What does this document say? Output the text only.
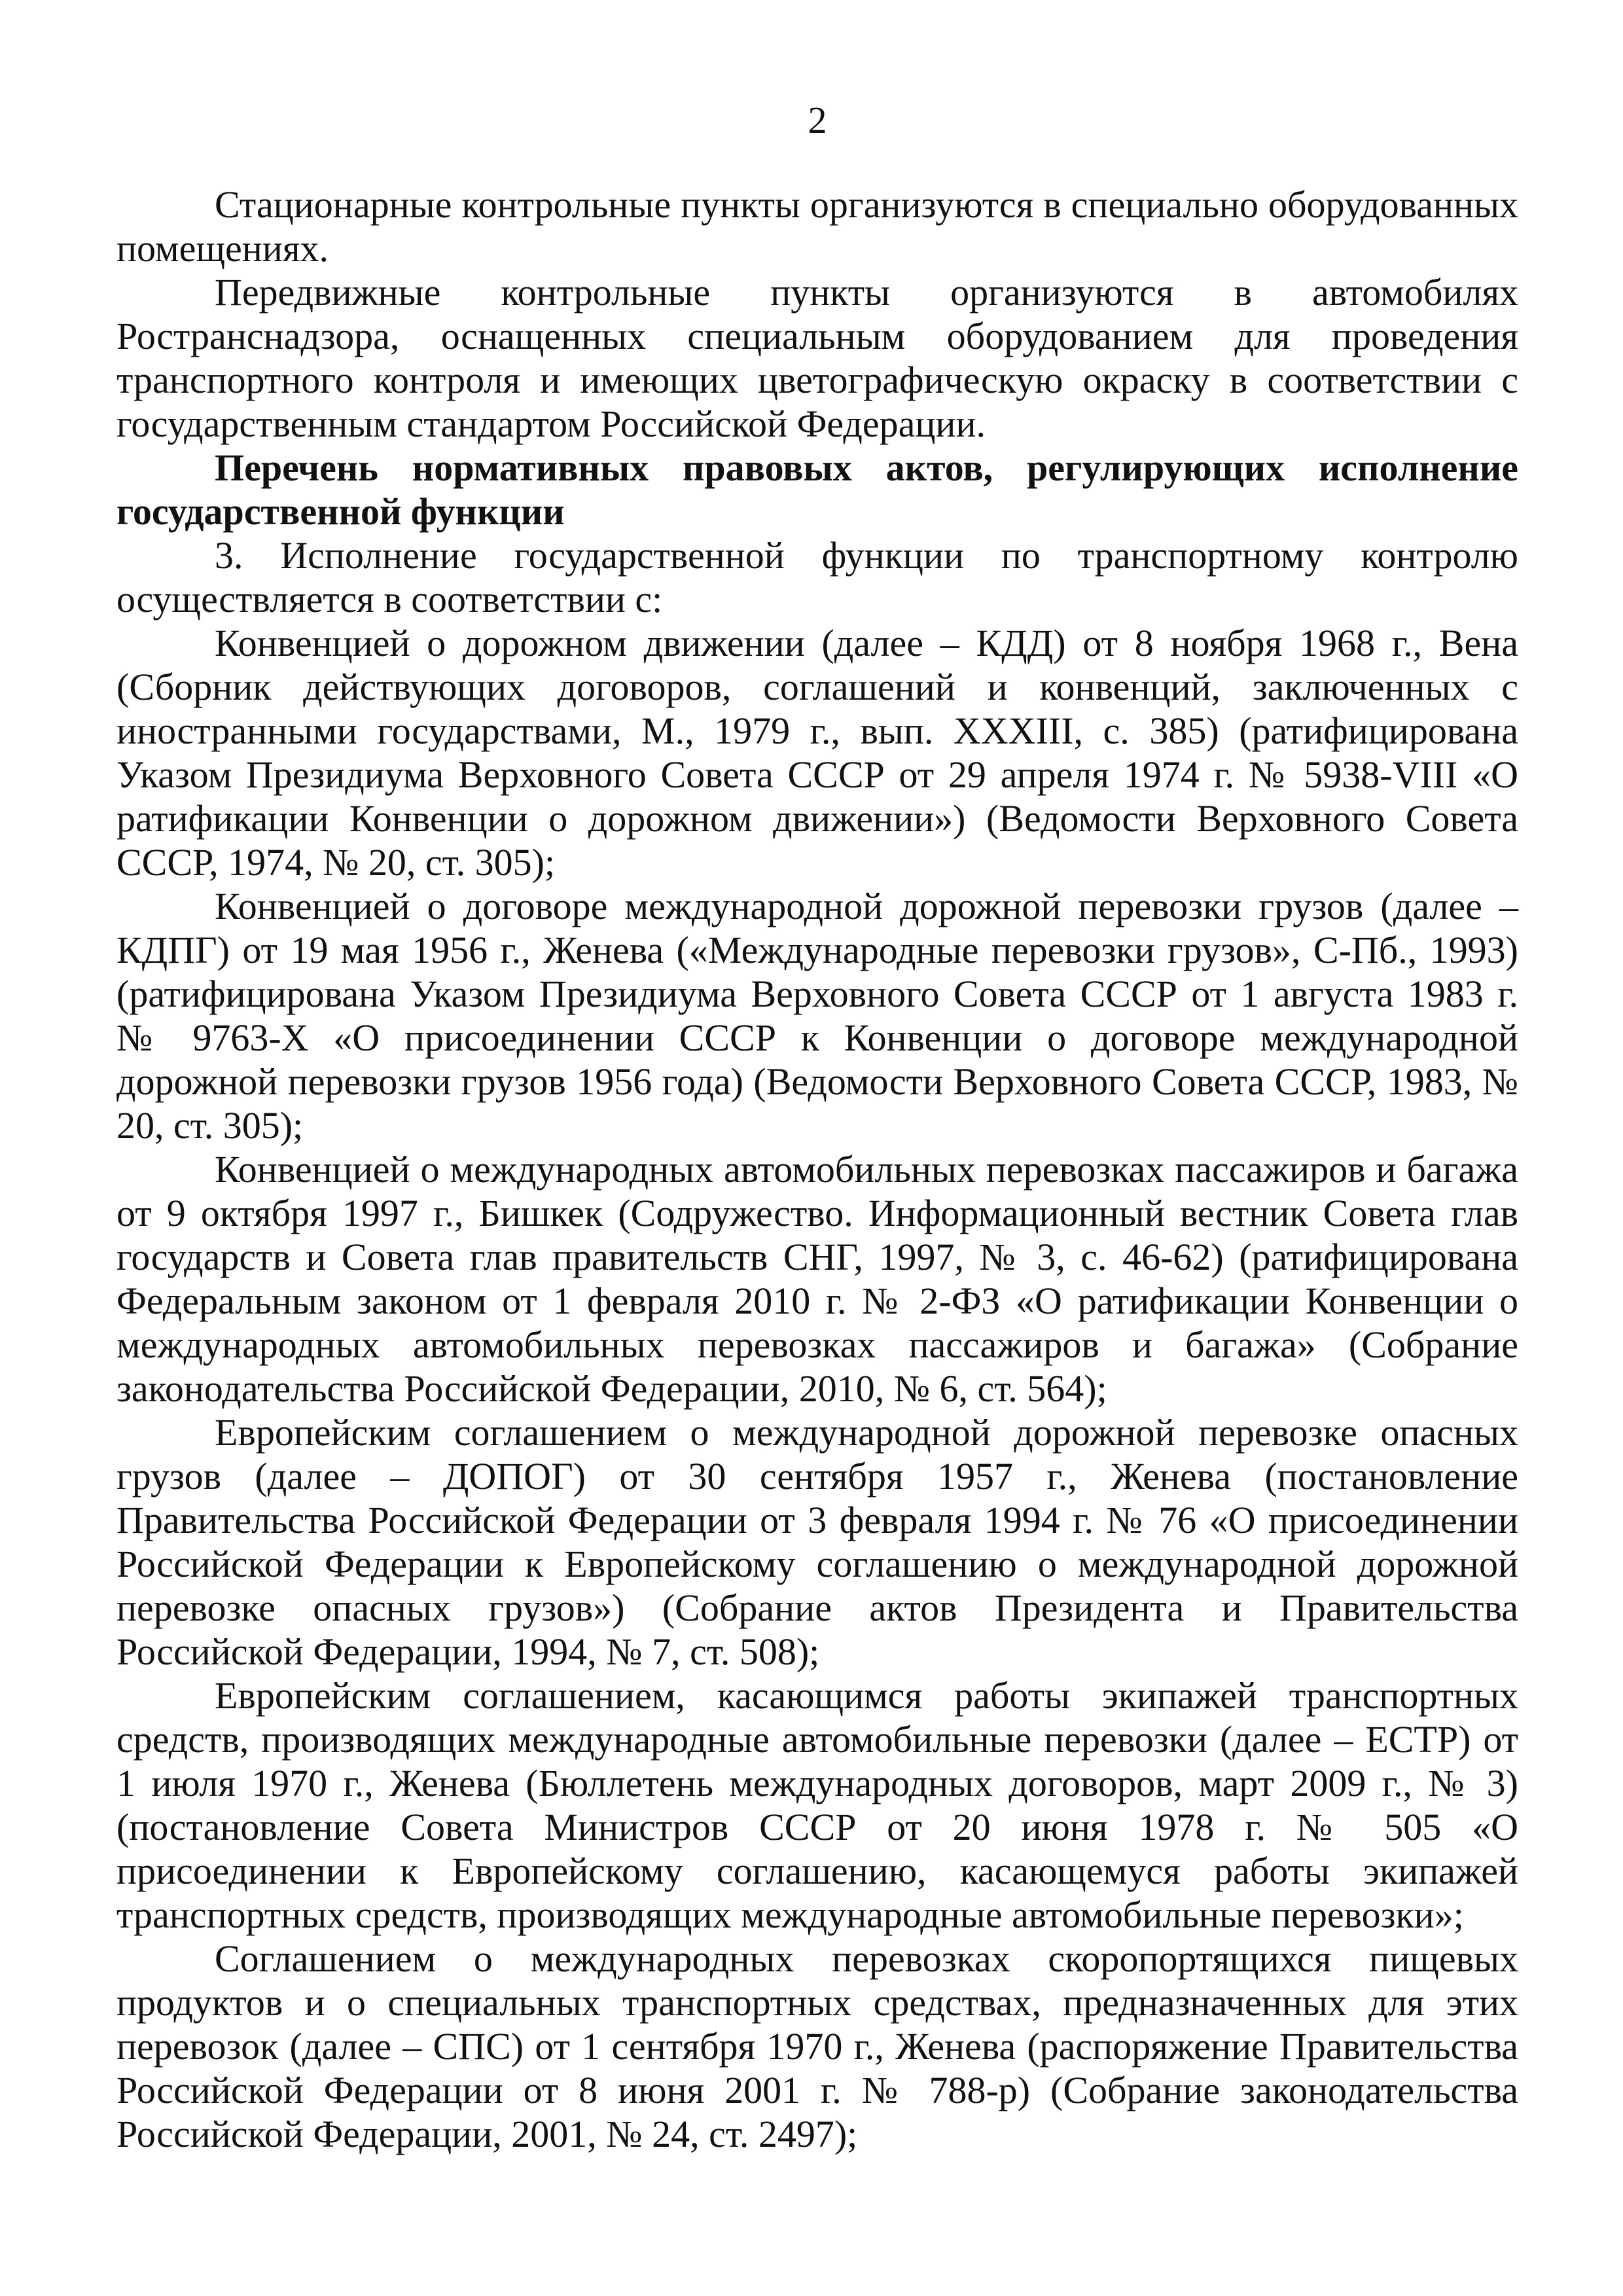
2

Стационарные контрольные пункты организуются в специально оборудованных помещениях.

Передвижные контрольные пункты организуются в автомобилях Ространснадзора, оснащенных специальным оборудованием для проведения транспортного контроля и имеющих цветографическую окраску в соответствии с государственным стандартом Российской Федерации.

Перечень нормативных правовых актов, регулирующих исполнение государственной функции

3. Исполнение государственной функции по транспортному контролю осуществляется в соответствии с:

Конвенцией о дорожном движении (далее – КДД) от 8 ноября 1968 г., Вена (Сборник действующих договоров, соглашений и конвенций, заключенных с иностранными государствами, М., 1979 г., вып. XXXIII, с. 385) (ратифицирована Указом Президиума Верховного Совета СССР от 29 апреля 1974 г. № 5938-VIII «О ратификации Конвенции о дорожном движении») (Ведомости Верховного Совета СССР, 1974, № 20, ст. 305);

Конвенцией о договоре международной дорожной перевозки грузов (далее – КДПГ) от 19 мая 1956 г., Женева («Международные перевозки грузов», С-Пб., 1993) (ратифицирована Указом Президиума Верховного Совета СССР от 1 августа 1983 г. № 9763-X «О присоединении СССР к Конвенции о договоре международной дорожной перевозки грузов 1956 года) (Ведомости Верховного Совета СССР, 1983, № 20, ст. 305);

Конвенцией о международных автомобильных перевозках пассажиров и багажа от 9 октября 1997 г., Бишкек (Содружество. Информационный вестник Совета глав государств и Совета глав правительств СНГ, 1997, № 3, с. 46-62) (ратифицирована Федеральным законом от 1 февраля 2010 г. № 2-ФЗ «О ратификации Конвенции о международных автомобильных перевозках пассажиров и багажа» (Собрание законодательства Российской Федерации, 2010, № 6, ст. 564);

Европейским соглашением о международной дорожной перевозке опасных грузов (далее – ДОПОГ) от 30 сентября 1957 г., Женева (постановление Правительства Российской Федерации от 3 февраля 1994 г. № 76 «О присоединении Российской Федерации к Европейскому соглашению о международной дорожной перевозке опасных грузов») (Собрание актов Президента и Правительства Российской Федерации, 1994, № 7, ст. 508);

Европейским соглашением, касающимся работы экипажей транспортных средств, производящих международные автомобильные перевозки (далее – ЕСТР) от 1 июля 1970 г., Женева (Бюллетень международных договоров, март 2009 г., № 3) (постановление Совета Министров СССР от 20 июня 1978 г. № 505 «О присоединении к Европейскому соглашению, касающемуся работы экипажей транспортных средств, производящих международные автомобильные перевозки»;

Соглашением о международных перевозках скоропортящихся пищевых продуктов и о специальных транспортных средствах, предназначенных для этих перевозок (далее – СПС) от 1 сентября 1970 г., Женева (распоряжение Правительства Российской Федерации от 8 июня 2001 г. № 788-р) (Собрание законодательства Российской Федерации, 2001, № 24, ст. 2497);
